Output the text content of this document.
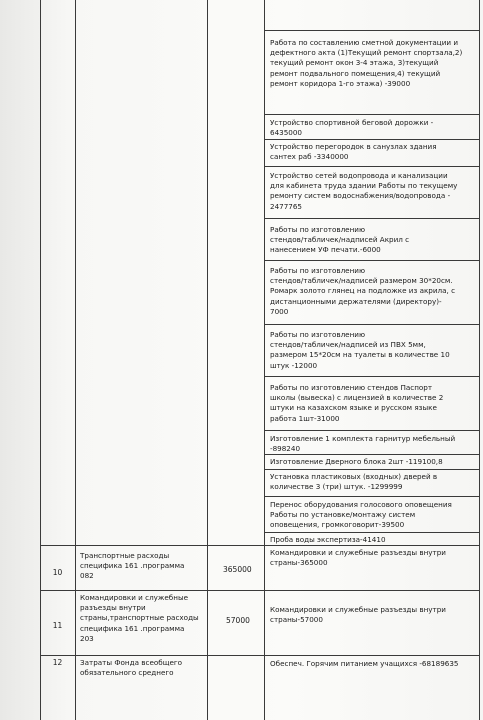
Работа по составлению сметной документации и
дефектного акта (1)Текущий ремонт спортзала,2)
текущий ремонт окон 3-4 этажа, 3)текущий
ремонт подвального помещения,4) текущий
ремонт коридора 1-го этажа) -39000
Устройство спортивной беговой дорожки -
6435000
Устройство перегородок в санузлах здания
сантех раб -3340000
Устройство сетей водопровода и канализации
для кабинета труда здании Работы по текущему
ремонту систем водоснабжения/водопровода -
2477765
Работы по изготовлению
стендов/табличек/надписей Акрил с
нанесением УФ печати.-6000
Работы по изготовлению
стендов/табличек/надписей размером 30*20см.
Ромарк золото глянец на подложке из акрила, с
дистанционными держателями (директору)-
7000
Работы по изготовлению
стендов/табличек/надписей из ПВХ 5мм,
размером 15*20см на туалеты в количестве 10
штук -12000
Работы по изготовлению стендов Паспорт
школы (вывеска) с лицензией в количестве 2
штуки на казахском языке и русском языке
работа 1шт-31000
Изготовление 1 комплекта гарнитур мебельный
-898240
Изготовление Дверного блока 2шт -119100,8
Установка пластиковых (входных) дверей в
количестве 3 (три) штук. -1299999
Перенос оборудования голосового оповещения
Работы по установке/монтажу систем
оповещения, громкоговорит-39500
Проба воды экспертиза-41410
10
Транспортные расходы
специфика 161 .программа
082
365000
Командировки и служебные разъезды внутри
страны-365000
11
Командировки и служебные
разъезды внутри
страны,транспортные расходы
специфика 161 .программа
203
57000
Командировки и служебные разъезды внутри
страны-57000
12	Затраты Фонда всеобщего
обязательного среднего
Обеспеч. Горячим питанием учащихся -68189635
